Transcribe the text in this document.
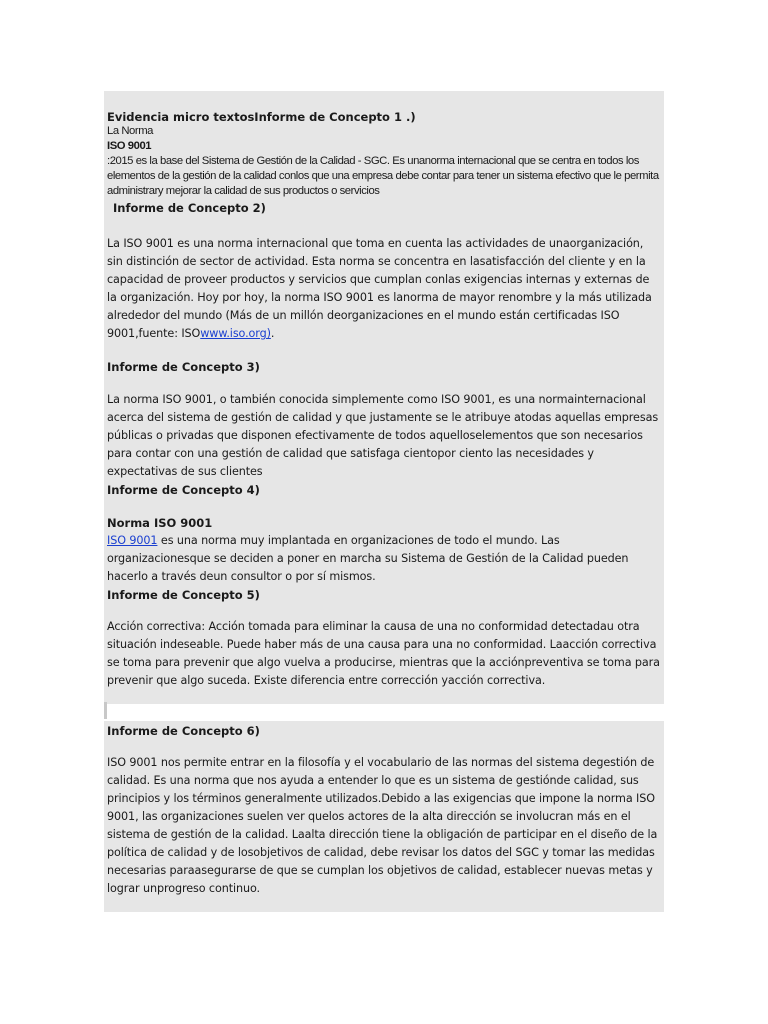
Evidencia micro textosInforme de Concepto 1 .)

La Norma
ISO 9001
:2015 es la base del Sistema de Gestión de la Calidad - SGC. Es unanorma internacional que se centra en todos los elementos de la gestión de la calidad conlos que una empresa debe contar para tener un sistema efectivo que le permita administrary mejorar la calidad de sus productos o servicios

Informe de Concepto 2)

La ISO 9001 es una norma internacional que toma en cuenta las actividades de unaorganización, sin distinción de sector de actividad. Esta norma se concentra en lasatisfacción del cliente y en la capacidad de proveer productos y servicios que cumplan conlas exigencias internas y externas de la organización. Hoy por hoy, la norma ISO 9001 es lanorma de mayor renombre y la más utilizada alrededor del mundo (Más de un millón deorganizaciones en el mundo están certificadas ISO 9001,fuente: ISOwww.iso.org).

Informe de Concepto 3)

La norma ISO 9001, o también conocida simplemente como ISO 9001, es una normainternacional acerca del sistema de gestión de calidad y que justamente se le atribuye atodas aquellas empresas públicas o privadas que disponen efectivamente de todos aquelloselementos que son necesarios para contar con una gestión de calidad que satisfaga cientopor ciento las necesidades y expectativas de sus clientes

Informe de Concepto 4)

Norma ISO 9001

ISO 9001 es una norma muy implantada en organizaciones de todo el mundo. Las organizacionesque se deciden a poner en marcha su Sistema de Gestión de la Calidad pueden hacerlo a través deun consultor o por sí mismos.

Informe de Concepto 5)

Acción correctiva: Acción tomada para eliminar la causa de una no conformidad detectadau otra situación indeseable. Puede haber más de una causa para una no conformidad. Laacción correctiva se toma para prevenir que algo vuelva a producirse, mientras que la acciónpreventiva se toma para prevenir que algo suceda. Existe diferencia entre corrección yacción correctiva.

Informe de Concepto 6)

ISO 9001 nos permite entrar en la filosofía y el vocabulario de las normas del sistema degestión de calidad. Es una norma que nos ayuda a entender lo que es un sistema de gestiónde calidad, sus principios y los términos generalmente utilizados.Debido a las exigencias que impone la norma ISO 9001, las organizaciones suelen ver quelos actores de la alta dirección se involucran más en el sistema de gestión de la calidad. Laalta dirección tiene la obligación de participar en el diseño de la política de calidad y de losobjetivos de calidad, debe revisar los datos del SGC y tomar las medidas necesarias paraasegurarse de que se cumplan los objetivos de calidad, establecer nuevas metas y lograr unprogreso continuo.
